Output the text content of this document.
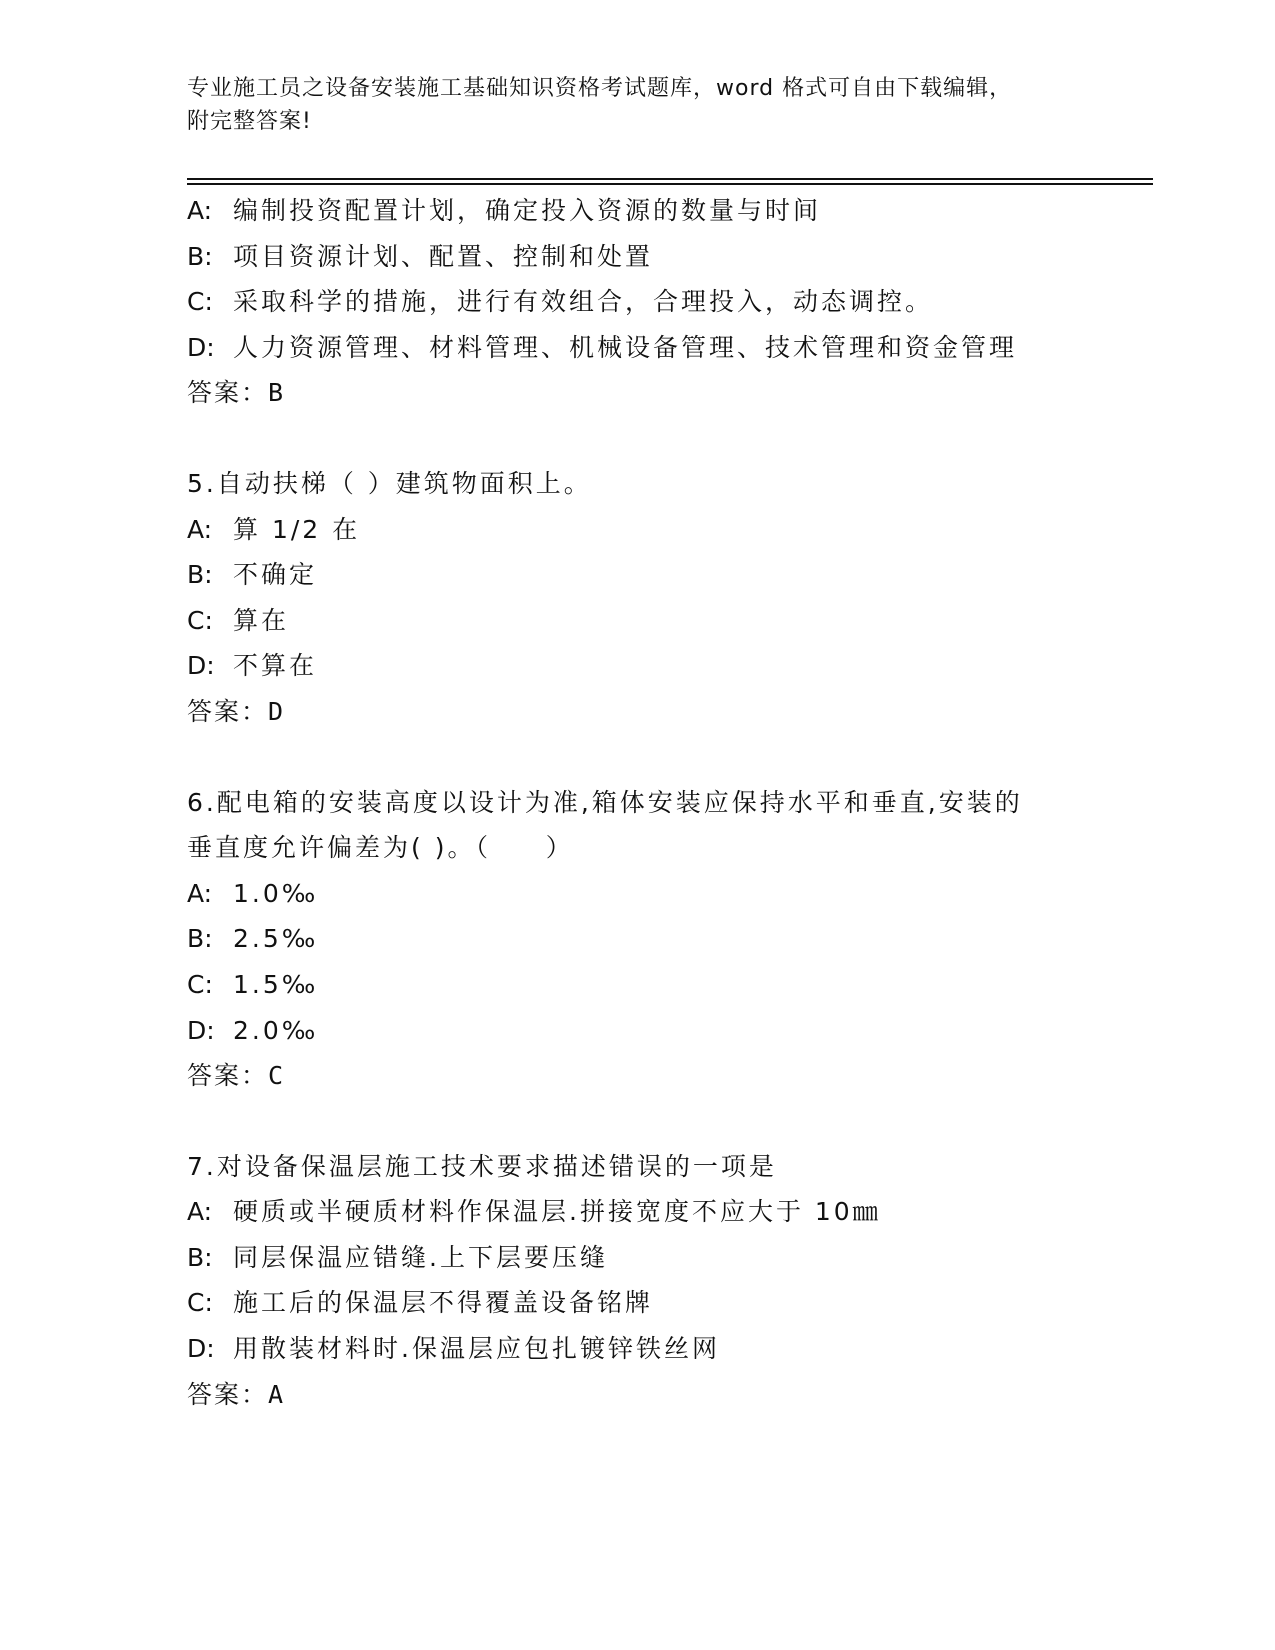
专业施工员之设备安装施工基础知识资格考试题库，word 格式可自由下载编辑，
附完整答案!
A: 编制投资配置计划，确定投入资源的数量与时间
B: 项目资源计划、配置、控制和处置
C: 采取科学的措施，进行有效组合，合理投入，动态调控。
D: 人力资源管理、材料管理、机械设备管理、技术管理和资金管理
答案：B
5.自动扶梯（ ）建筑物面积上。
A: 算 1/2 在
B: 不确定
C: 算在
D: 不算在
答案：D
6.配电箱的安装高度以设计为准,箱体安装应保持水平和垂直,安装的
垂直度允许偏差为( )。（     ）
A: 1.0‰
B: 2.5‰
C: 1.5‰
D: 2.0‰
答案：C
7.对设备保温层施工技术要求描述错误的一项是
A: 硬质或半硬质材料作保温层.拼接宽度不应大于 10㎜
B: 同层保温应错缝.上下层要压缝
C: 施工后的保温层不得覆盖设备铭牌
D: 用散装材料时.保温层应包扎镀锌铁丝网
答案：A
